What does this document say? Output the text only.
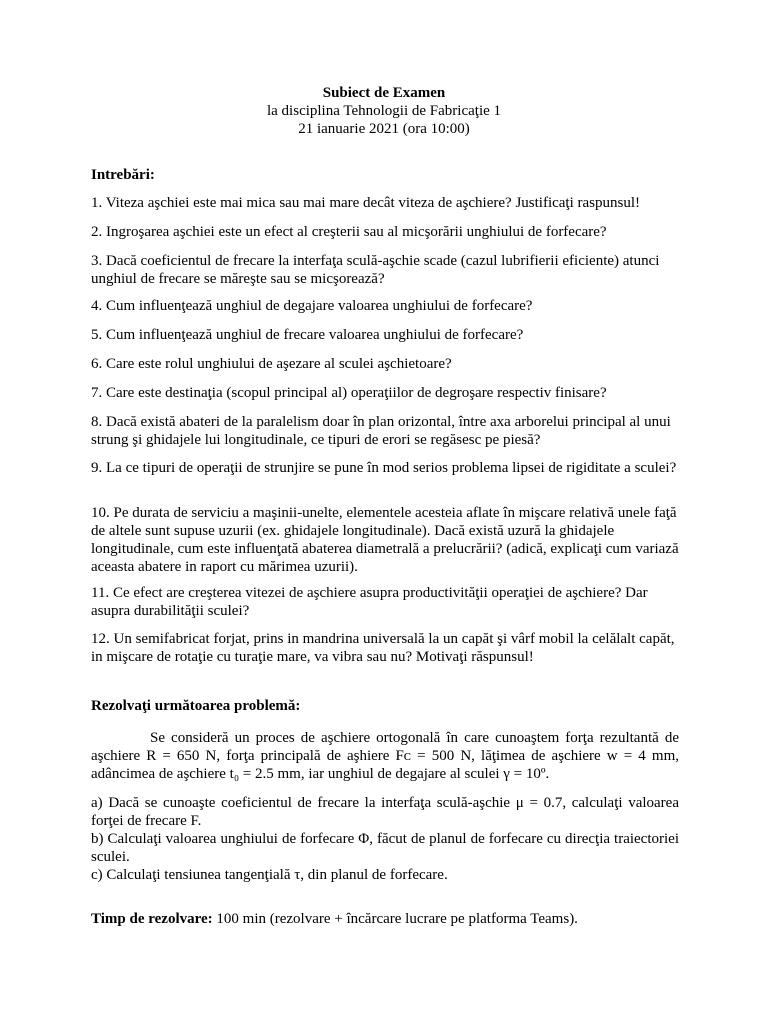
Subiect de Examen
la disciplina Tehnologii de Fabricaţie 1
21 ianuarie 2021 (ora 10:00)
Intrebări:
1. Viteza aşchiei este mai mica sau mai mare decât viteza de aşchiere? Justificaţi raspunsul!
2. Ingroşarea aşchiei este un efect al creşterii sau al micşorării unghiului de forfecare?
3. Dacă coeficientul de frecare la interfaţa sculă-aşchie scade (cazul lubrifierii eficiente) atunci unghiul de frecare se măreşte sau se micşorează?
4. Cum influenţează unghiul de degajare valoarea unghiului de forfecare?
5. Cum influenţează unghiul de frecare valoarea unghiului de forfecare?
6. Care este rolul unghiului de aşezare al sculei aşchietoare?
7. Care este destinaţia (scopul principal al) operaţiilor de degroşare respectiv finisare?
8. Dacă există abateri de la paralelism doar în plan orizontal, între axa arborelui principal al unui strung şi ghidajele lui longitudinale, ce tipuri de erori se regăsesc pe piesă?
9. La ce tipuri de operaţii de strunjire se pune în mod serios problema lipsei de rigiditate a sculei?
10. Pe durata de serviciu a maşinii-unelte, elementele acesteia aflate în mişcare relativă unele faţă de altele sunt supuse uzurii (ex. ghidajele longitudinale). Dacă există uzură la ghidajele longitudinale, cum este influenţată abaterea diametrală a prelucrării? (adică, explicaţi cum variază aceasta abatere in raport cu mărimea uzurii).
11. Ce efect are creşterea vitezei de aşchiere asupra productivităţii operaţiei de aşchiere? Dar asupra durabilităţii sculei?
12. Un semifabricat forjat, prins in mandrina universală la un capăt şi vârf mobil la celălalt capăt, in mişcare de rotaţie cu turaţie mare, va vibra sau nu? Motivaţi răspunsul!
Rezolvaţi următoarea problemă:
Se consideră un proces de aşchiere ortogonală în care cunoaştem forţa rezultantă de aşchiere R = 650 N, forţa principală de aşhiere Fᴄ = 500 N, lăţimea de aşchiere w = 4 mm, adâncimea de aşchiere t₀ = 2.5 mm, iar unghiul de degajare al sculei γ = 10º.
a) Dacă se cunoaşte coeficientul de frecare la interfaţa sculă-aşchie μ = 0.7, calculaţi valoarea forţei de frecare F.
b) Calculaţi valoarea unghiului de forfecare Φ, făcut de planul de forfecare cu direcţia traiectoriei sculei.
c) Calculaţi tensiunea tangenţială τ, din planul de forfecare.
Timp de rezolvare: 100 min (rezolvare + încărcare lucrare pe platforma Teams).
